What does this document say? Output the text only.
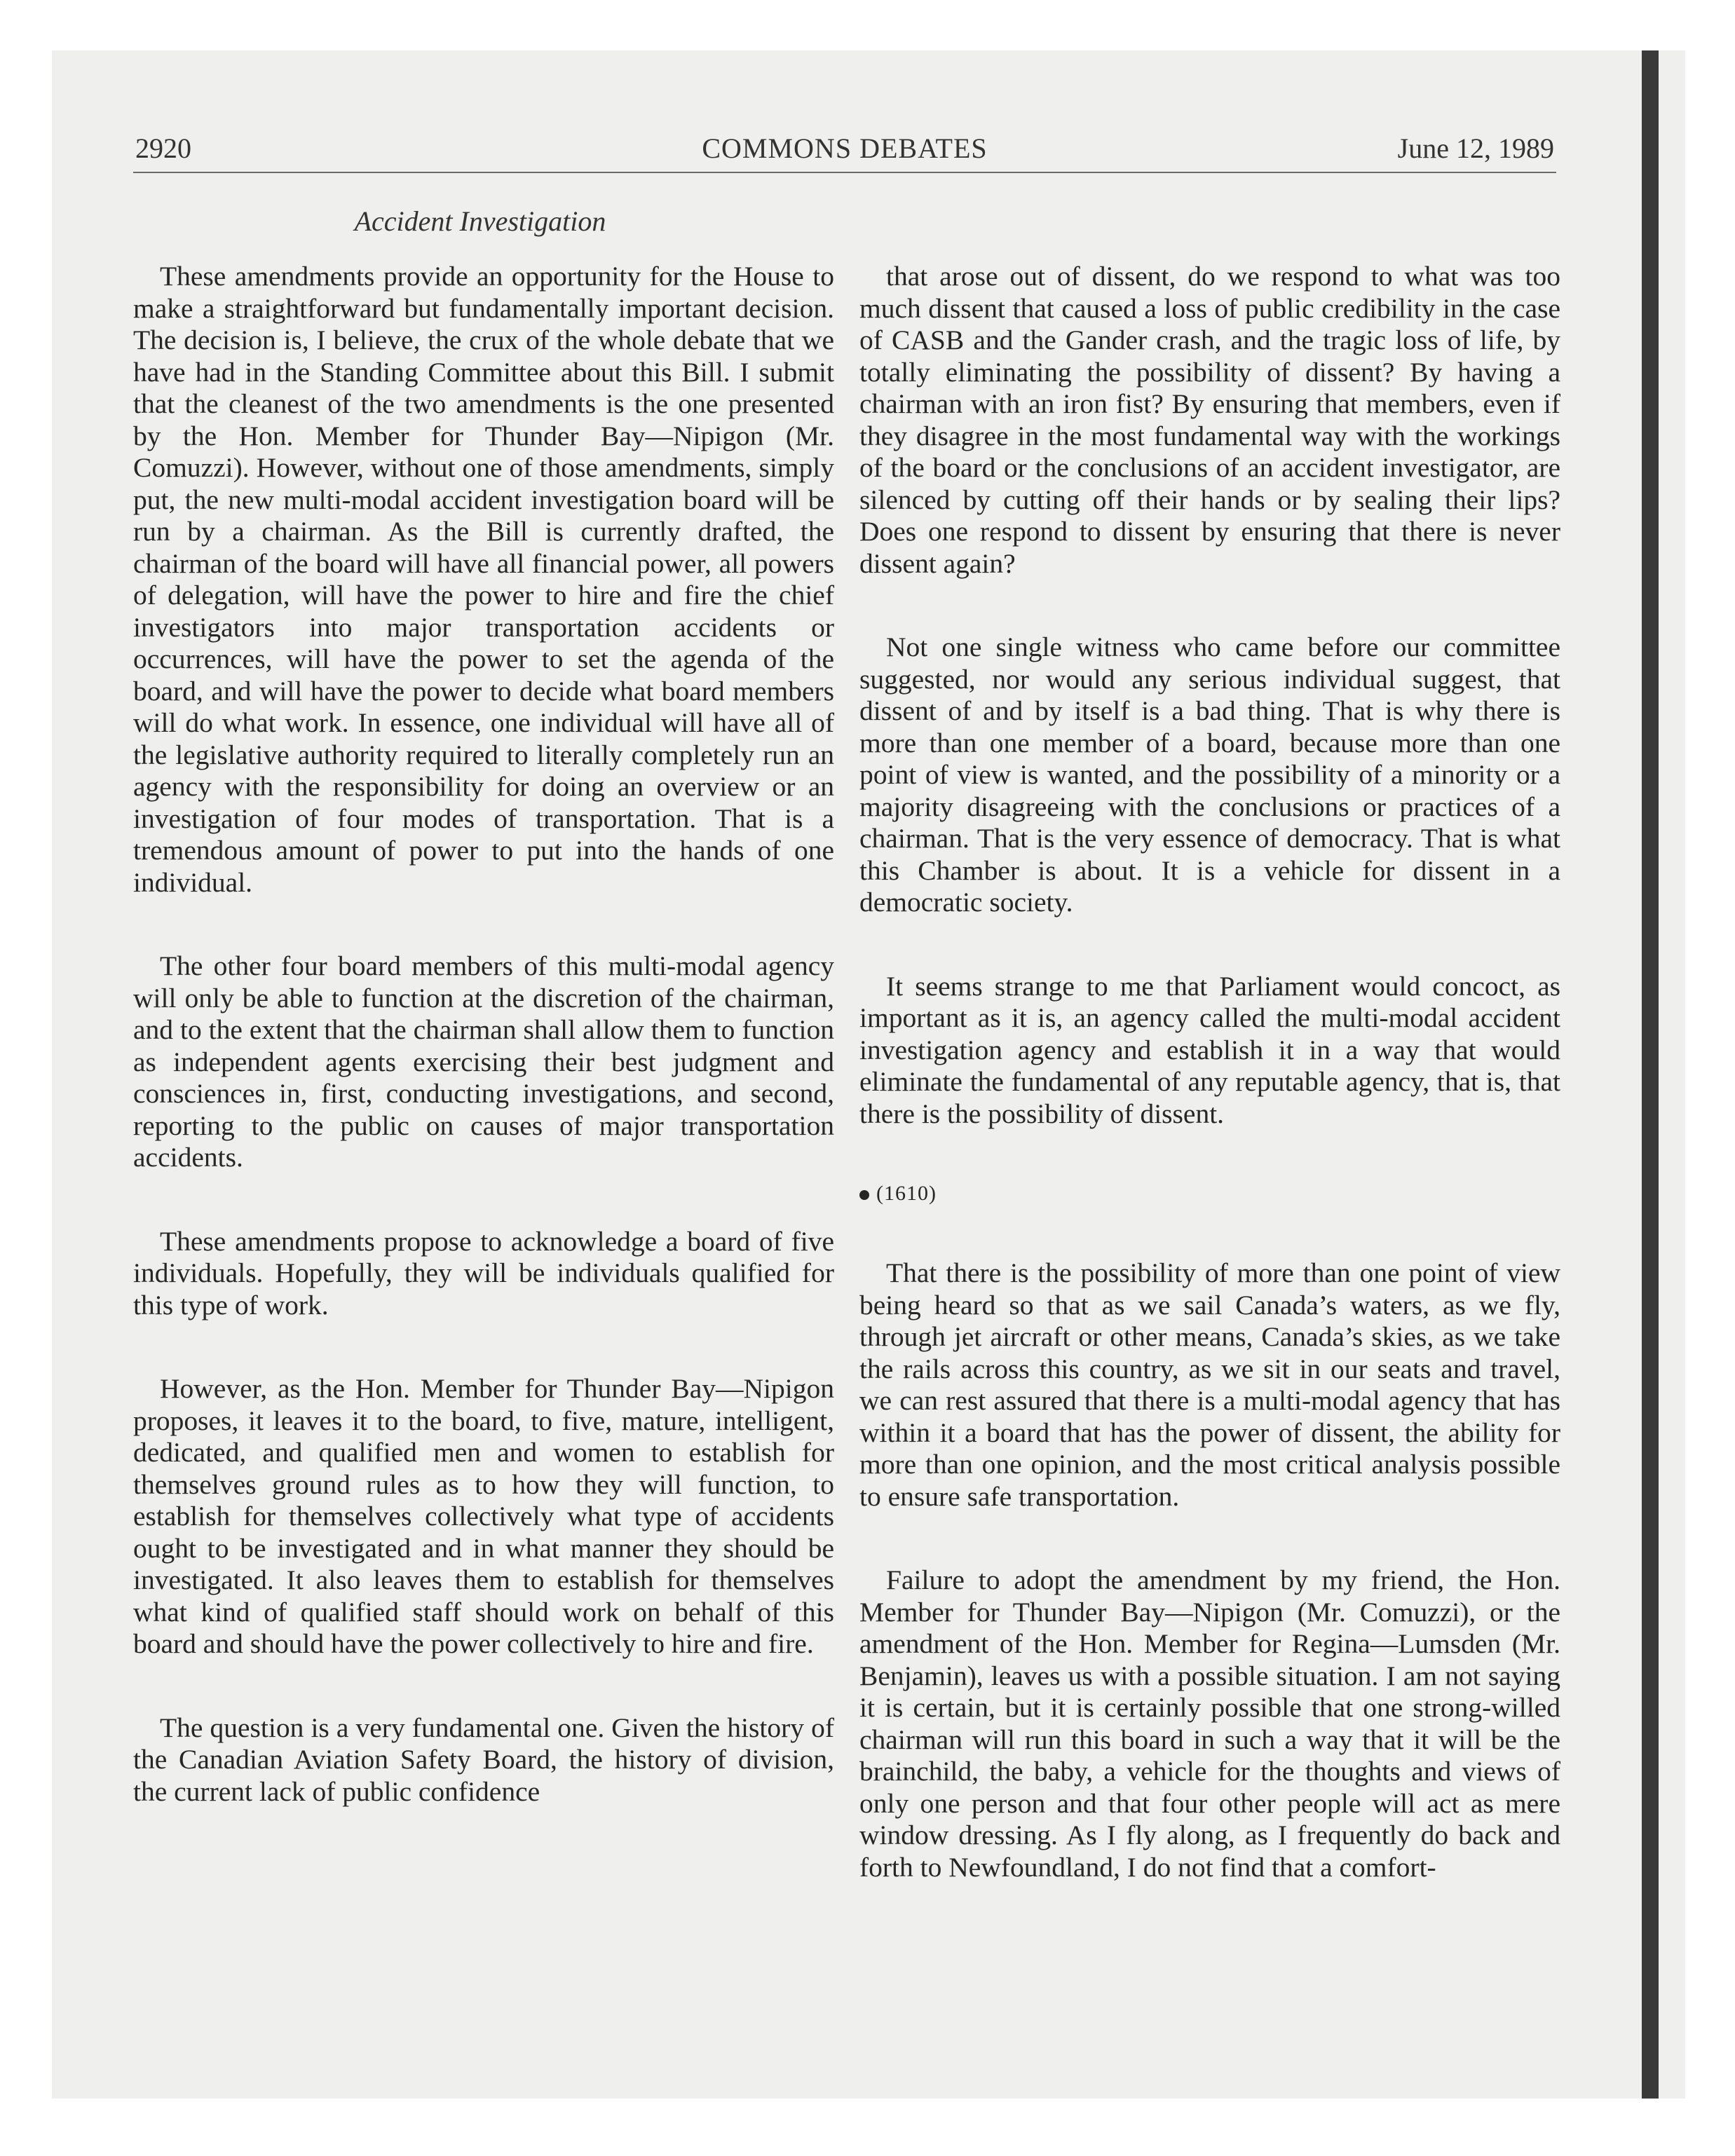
2920	COMMONS DEBATES	June 12, 1989
Accident Investigation

These amendments provide an opportunity for the House to make a straightforward but fundamentally important decision. The decision is, I believe, the crux of the whole debate that we have had in the Standing Committee about this Bill. I submit that the cleanest of the two amendments is the one presented by the Hon. Member for Thunder Bay—Nipigon (Mr. Comuzzi). However, without one of those amendments, simply put, the new multi-modal accident investigation board will be run by a chairman. As the Bill is currently drafted, the chairman of the board will have all financial power, all powers of delegation, will have the power to hire and fire the chief investigators into major transportation accidents or occurrences, will have the power to set the agenda of the board, and will have the power to decide what board members will do what work. In essence, one individual will have all of the legislative authority required to literally completely run an agency with the responsibility for doing an overview or an investigation of four modes of transportation. That is a tremendous amount of power to put into the hands of one individual.

The other four board members of this multi-modal agency will only be able to function at the discretion of the chairman, and to the extent that the chairman shall allow them to function as independent agents exercising their best judgment and consciences in, first, conducting investigations, and second, reporting to the public on causes of major transportation accidents.

These amendments propose to acknowledge a board of five individuals. Hopefully, they will be individuals qualified for this type of work.

However, as the Hon. Member for Thunder Bay—Nipigon proposes, it leaves it to the board, to five, mature, intelligent, dedicated, and qualified men and women to establish for themselves ground rules as to how they will function, to establish for themselves collectively what type of accidents ought to be investigated and in what manner they should be investigated. It also leaves them to establish for themselves what kind of qualified staff should work on behalf of this board and should have the power collectively to hire and fire.

The question is a very fundamental one. Given the history of the Canadian Aviation Safety Board, the history of division, the current lack of public confidence

that arose out of dissent, do we respond to what was too much dissent that caused a loss of public credibility in the case of CASB and the Gander crash, and the tragic loss of life, by totally eliminating the possibility of dissent? By having a chairman with an iron fist? By ensuring that members, even if they disagree in the most fundamental way with the workings of the board or the conclusions of an accident investigator, are silenced by cutting off their hands or by sealing their lips? Does one respond to dissent by ensuring that there is never dissent again?

Not one single witness who came before our committee suggested, nor would any serious individual suggest, that dissent of and by itself is a bad thing. That is why there is more than one member of a board, because more than one point of view is wanted, and the possibility of a minority or a majority disagreeing with the conclusions or practices of a chairman. That is the very essence of democracy. That is what this Chamber is about. It is a vehicle for dissent in a democratic society.

It seems strange to me that Parliament would concoct, as important as it is, an agency called the multi-modal accident investigation agency and establish it in a way that would eliminate the fundamental of any reputable agency, that is, that there is the possibility of dissent.

(1610)

That there is the possibility of more than one point of view being heard so that as we sail Canada’s waters, as we fly, through jet aircraft or other means, Canada’s skies, as we take the rails across this country, as we sit in our seats and travel, we can rest assured that there is a multi-modal agency that has within it a board that has the power of dissent, the ability for more than one opinion, and the most critical analysis possible to ensure safe transportation.

Failure to adopt the amendment by my friend, the Hon. Member for Thunder Bay—Nipigon (Mr. Comuzzi), or the amendment of the Hon. Member for Regina—Lumsden (Mr. Benjamin), leaves us with a possible situation. I am not saying it is certain, but it is certainly possible that one strong-willed chairman will run this board in such a way that it will be the brainchild, the baby, a vehicle for the thoughts and views of only one person and that four other people will act as mere window dressing. As I fly along, as I frequently do back and forth to Newfoundland, I do not find that a comfort-
